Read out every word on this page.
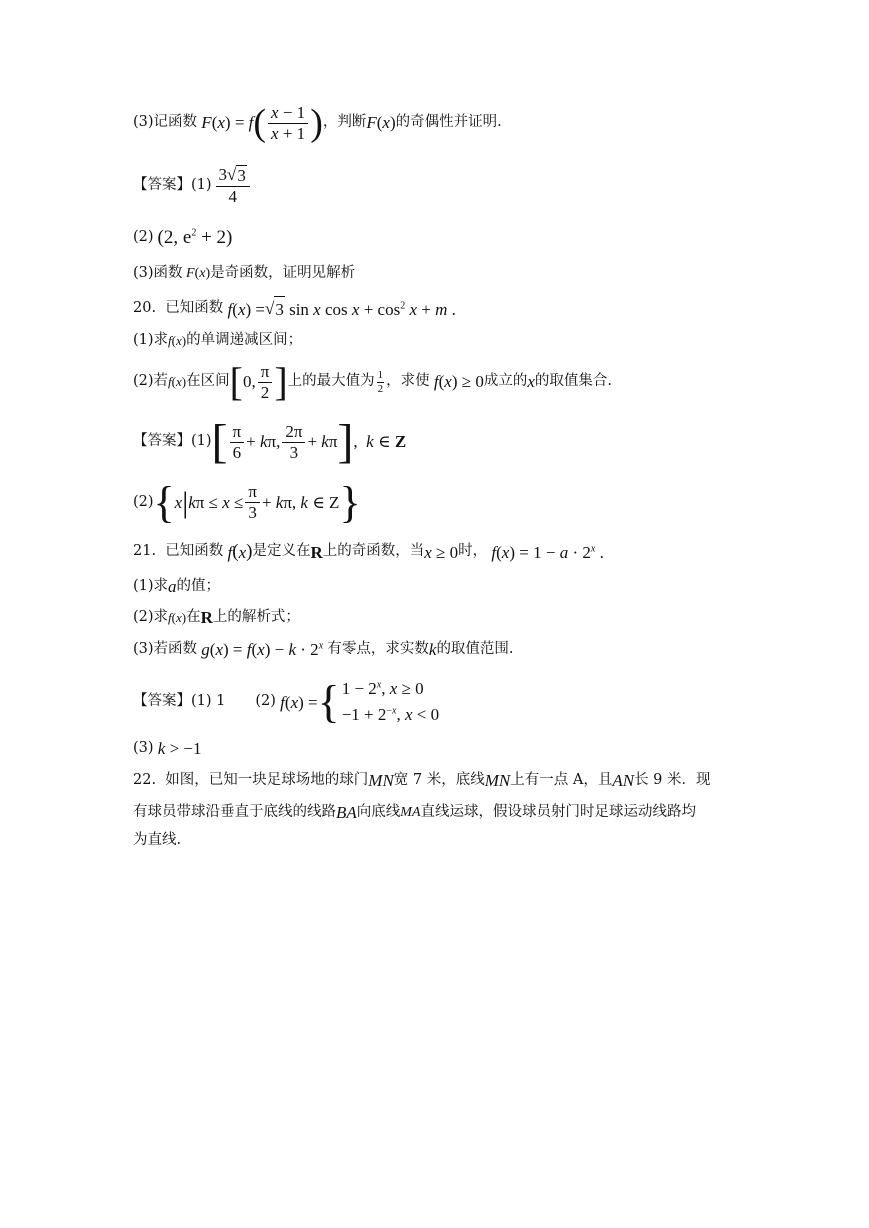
(3)记函数 F ( x ) = f ( $\frac{x - 1}{x + 1}$ ) ，判断 F ( x ) 的奇偶性并证明.
【答案】 $(1) \frac{3√ 3}{4}$
(2) (2, $e^2 + 2$)
(3)函数 F ( x ) 是奇函数，证明见解析
20.
已知函数 f ( x ) = √ 3 sin x $\cos x + \cos^2 x + m$ .
(1)求 f ( x ) 的单调递减区间；
(2)若 f ( x ) 在区间 [ 0, $\frac{\pi}{2}$ ] 上的最大值为 $\frac{1}{2}$ ，求使 f ( x ) ≥ 0 成立的 x 的取值集合.
【答案】 (1) [ $\frac{\pi}{6} + k$ π, $\frac{2\pi}{3} + k$ π ] , k ∈ Z
(2) { x | k $\pi \le x \le \frac{\pi}{3} + k$ π, k ∈ Z }
21.
已知函数 f ( x ) 是定义在 R 上的奇函数，当 x ≥ 0 时， f ( x ) = $1 - a \cdot 2^x$ .
(1)求 a 的值；
(2)求 f ( x ) 在 R 上的解析式；
(3)若函数 g ( x ) = f ( x ) − $k \cdot 2^x$ 有零点，求实数 k 的取值范围.
【答案】 (1) 1 (2) f ( x ) = { $1 - 2^x$, x ≥ 0
$-1 + 2^{-x}$, x < 0
(3) k > −1
22.
如图，已知一块足球场地的球门 MN 宽 7 米，底线 MN 上有一点 A，且 AN 长 9 米．现
有球员带球沿垂直于底线的线路 BA 向底线 MA 直线运球，假设球员射门时足球运动线路均
为直线.
